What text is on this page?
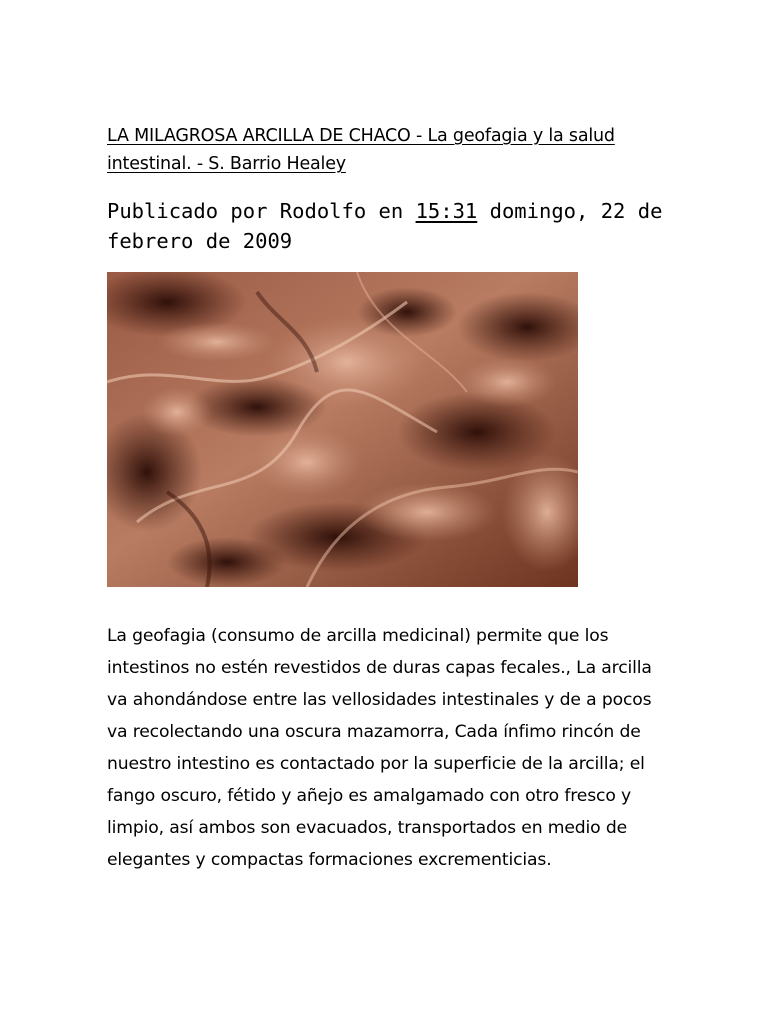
LA MILAGROSA ARCILLA DE CHACO - La geofagia y la salud intestinal. - S. Barrio Healey

Publicado por Rodolfo en 15:31 domingo, 22 de febrero de 2009

La geofagia (consumo de arcilla medicinal) permite que los intestinos no estén revestidos de duras capas fecales., La arcilla va ahondándose entre las vellosidades intestinales y de a pocos va recolectando una oscura mazamorra, Cada ínfimo rincón de nuestro intestino es contactado por la superficie de la arcilla; el fango oscuro, fétido y añejo es amalgamado con otro fresco y limpio, así ambos son evacuados, transportados en medio de elegantes y compactas formaciones excrementicias.
